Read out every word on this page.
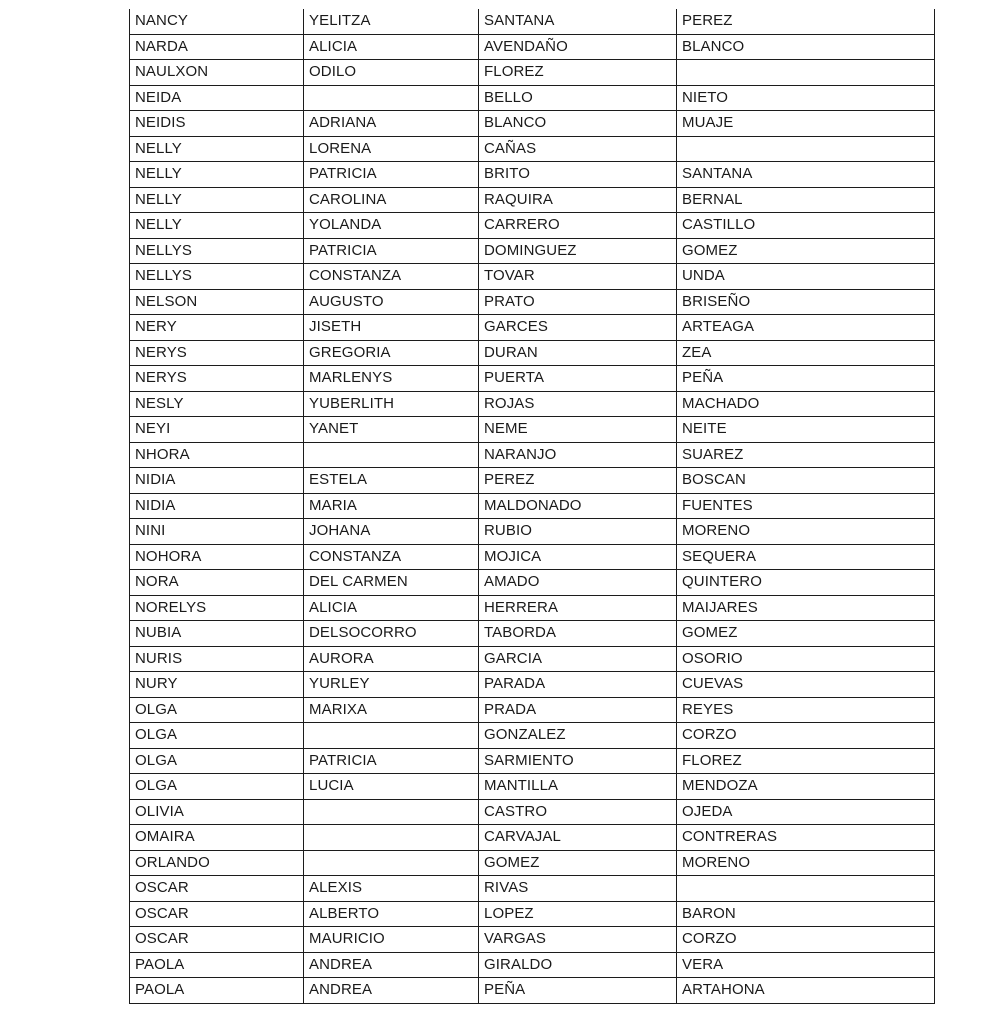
NANCY	YELITZA	SANTANA	PEREZ
NARDA	ALICIA	AVENDAÑO	BLANCO
NAULXON	ODILO	FLOREZ	
NEIDA		BELLO	NIETO
NEIDIS	ADRIANA	BLANCO	MUAJE
NELLY	LORENA	CAÑAS	
NELLY	PATRICIA	BRITO	SANTANA
NELLY	CAROLINA	RAQUIRA	BERNAL
NELLY	YOLANDA	CARRERO	CASTILLO
NELLYS	PATRICIA	DOMINGUEZ	GOMEZ
NELLYS	CONSTANZA	TOVAR	UNDA
NELSON	AUGUSTO	PRATO	BRISEÑO
NERY	JISETH	GARCES	ARTEAGA
NERYS	GREGORIA	DURAN	ZEA
NERYS	MARLENYS	PUERTA	PEÑA
NESLY	YUBERLITH	ROJAS	MACHADO
NEYI	YANET	NEME	NEITE
NHORA		NARANJO	SUAREZ
NIDIA	ESTELA	PEREZ	BOSCAN
NIDIA	MARIA	MALDONADO	FUENTES
NINI	JOHANA	RUBIO	MORENO
NOHORA	CONSTANZA	MOJICA	SEQUERA
NORA	DEL CARMEN	AMADO	QUINTERO
NORELYS	ALICIA	HERRERA	MAIJARES
NUBIA	DELSOCORRO	TABORDA	GOMEZ
NURIS	AURORA	GARCIA	OSORIO
NURY	YURLEY	PARADA	CUEVAS
OLGA	MARIXA	PRADA	REYES
OLGA		GONZALEZ	CORZO
OLGA	PATRICIA	SARMIENTO	FLOREZ
OLGA	LUCIA	MANTILLA	MENDOZA
OLIVIA		CASTRO	OJEDA
OMAIRA		CARVAJAL	CONTRERAS
ORLANDO		GOMEZ	MORENO
OSCAR	ALEXIS	RIVAS	
OSCAR	ALBERTO	LOPEZ	BARON
OSCAR	MAURICIO	VARGAS	CORZO
PAOLA	ANDREA	GIRALDO	VERA
PAOLA	ANDREA	PEÑA	ARTAHONA
